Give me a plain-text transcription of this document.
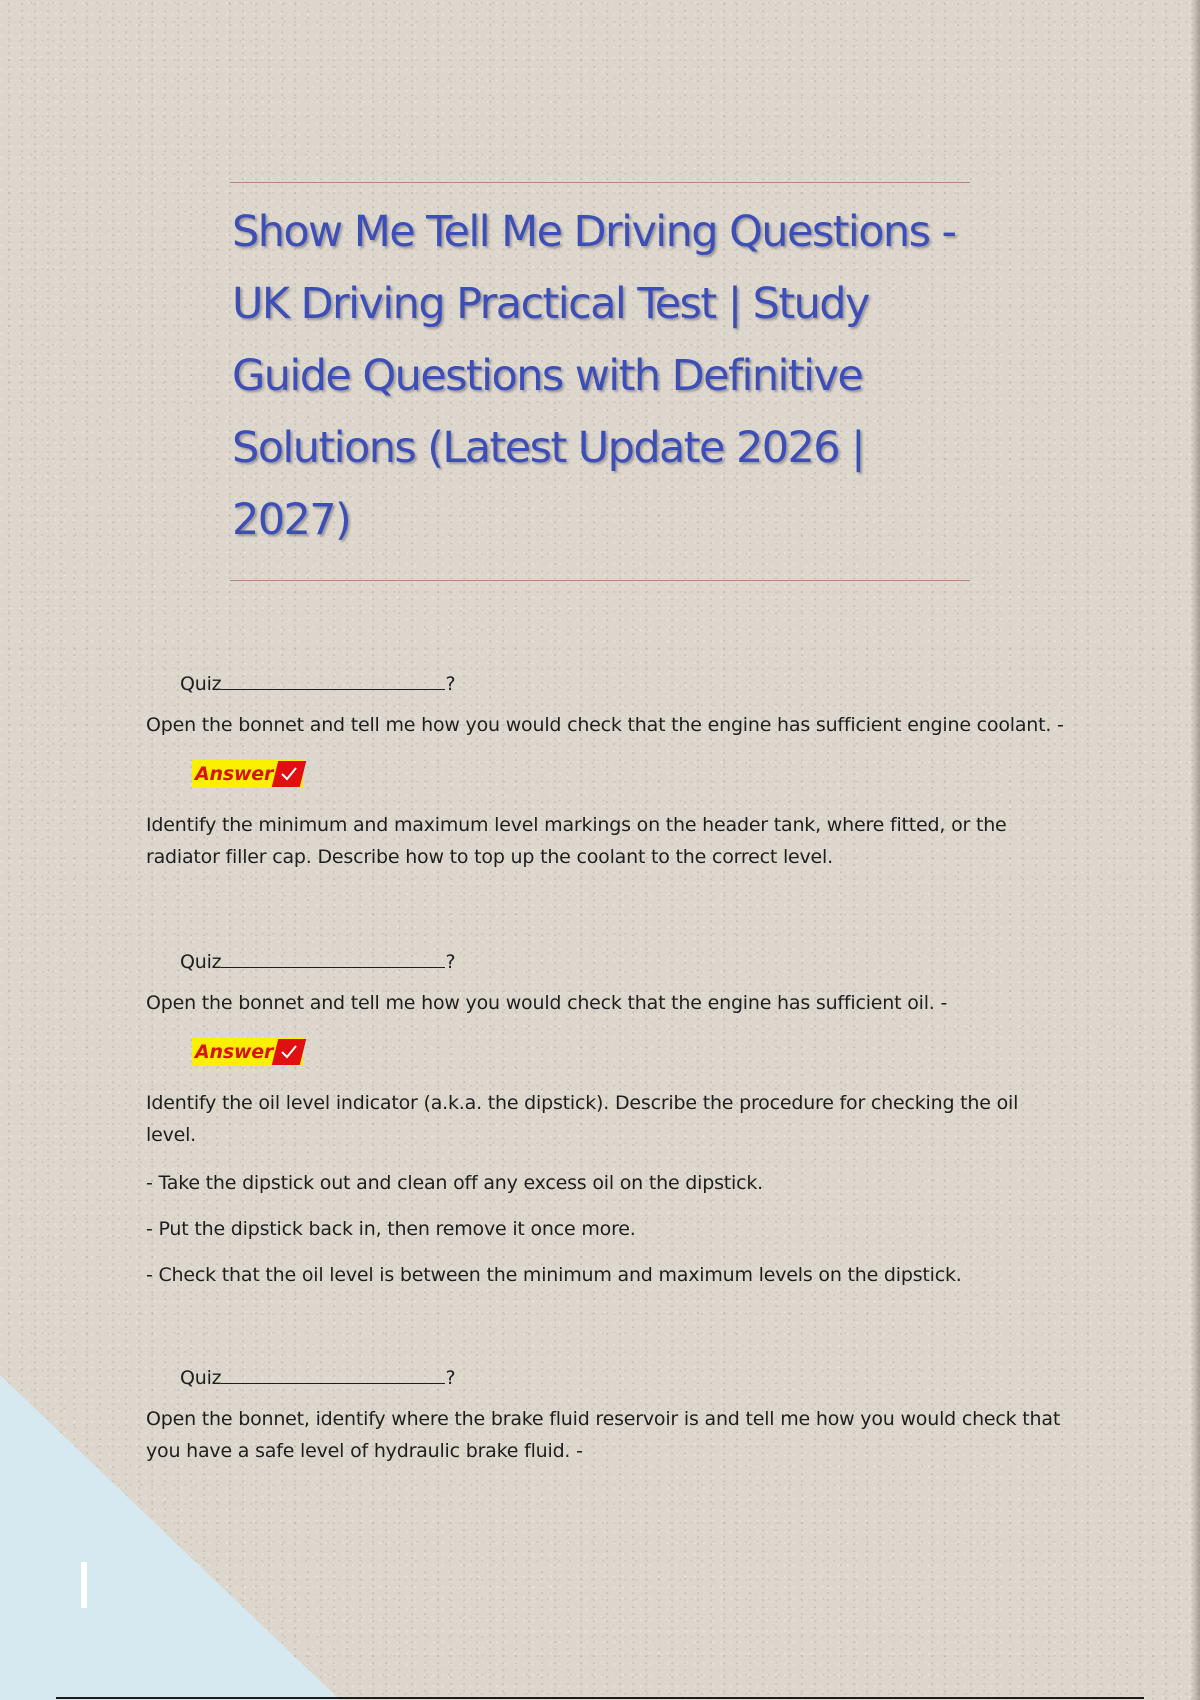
Show Me Tell Me Driving Questions - UK Driving Practical Test | Study Guide Questions with Definitive Solutions (Latest Update 2026 | 2027)
Quiz	?

Open the bonnet and tell me how you would check that the engine has sufficient engine coolant. -

Answer

Identify the minimum and maximum level markings on the header tank, where fitted, or the radiator filler cap. Describe how to top up the coolant to the correct level.

Quiz	?

Open the bonnet and tell me how you would check that the engine has sufficient oil. -

Answer

Identify the oil level indicator (a.k.a. the dipstick). Describe the procedure for checking the oil level.

- Take the dipstick out and clean off any excess oil on the dipstick.

- Put the dipstick back in, then remove it once more.

- Check that the oil level is between the minimum and maximum levels on the dipstick.

Quiz	?

Open the bonnet, identify where the brake fluid reservoir is and tell me how you would check that you have a safe level of hydraulic brake fluid. -
